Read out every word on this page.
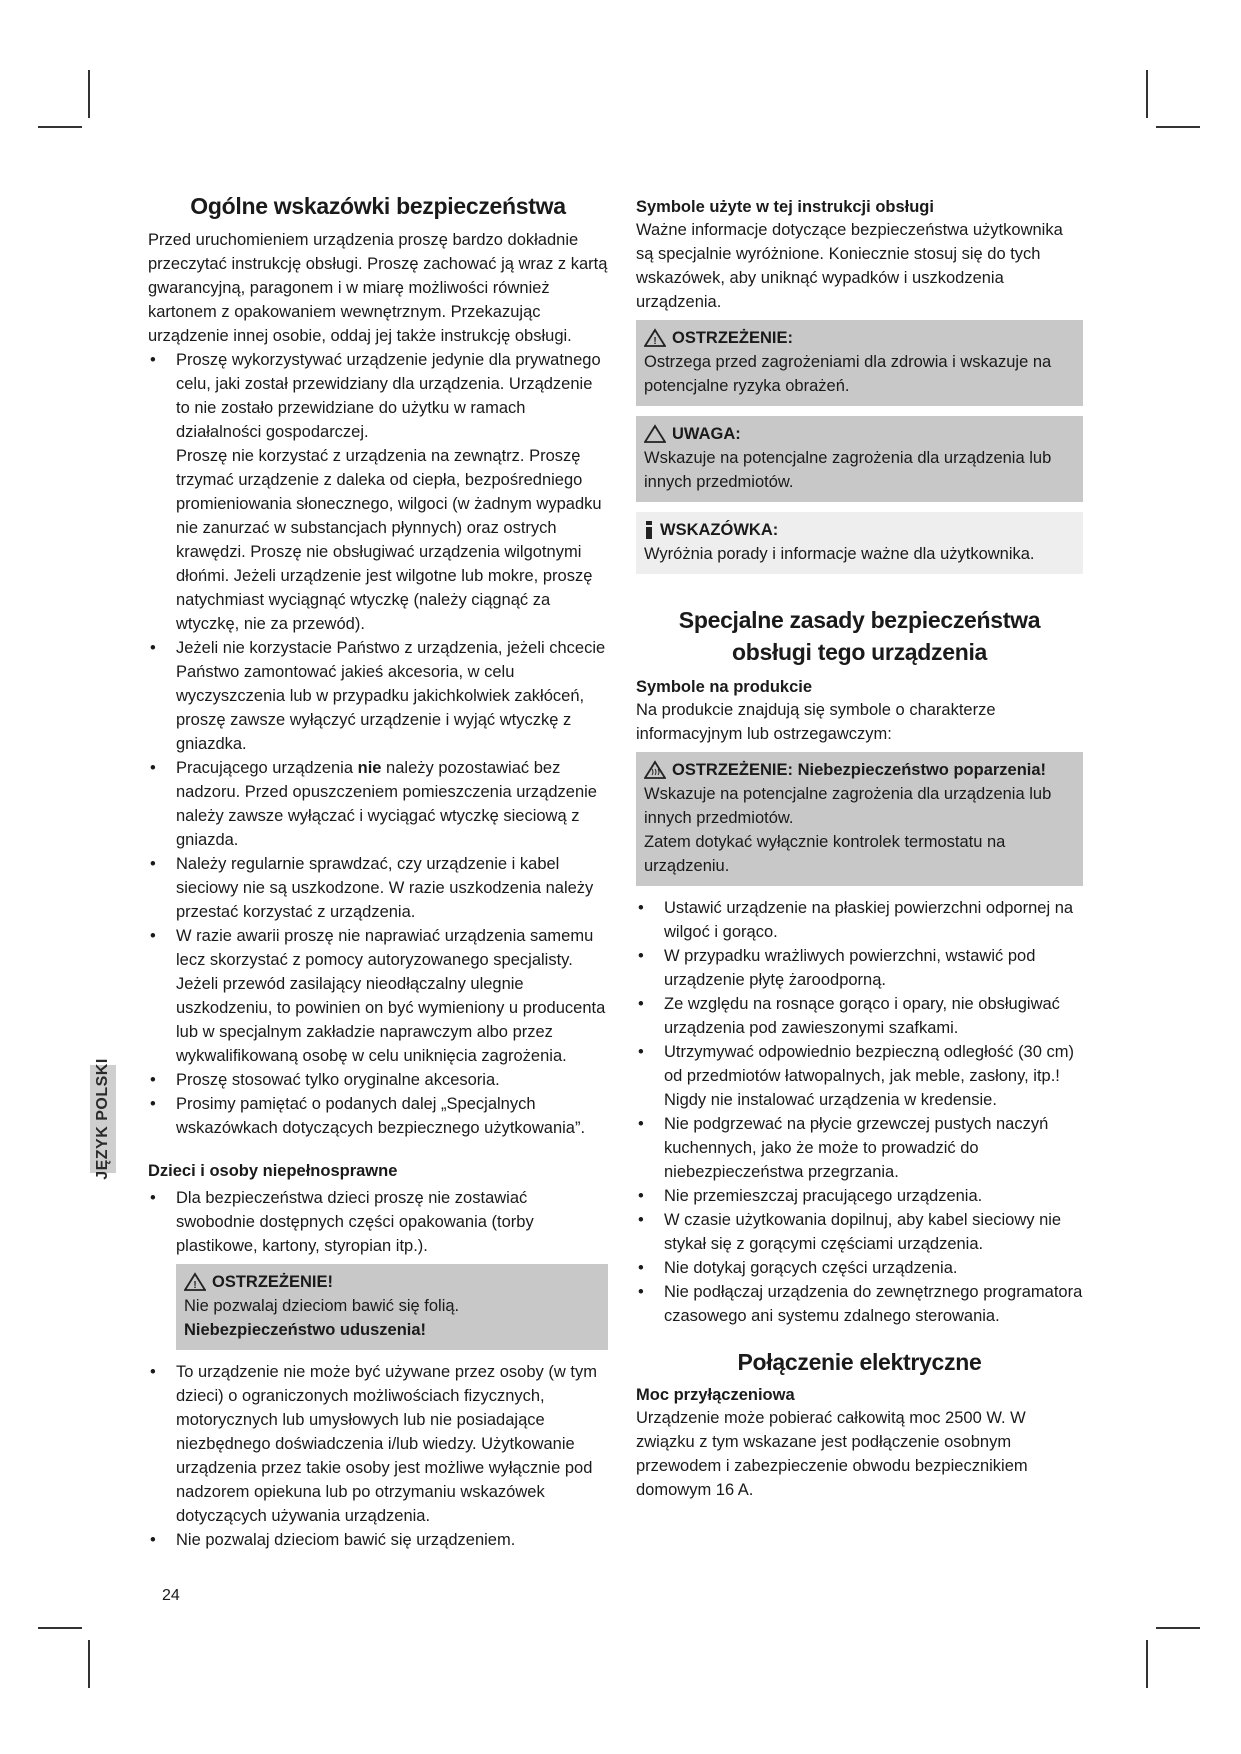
JĘZYK POLSKI
Ogólne wskazówki bezpieczeństwa

Przed uruchomieniem urządzenia proszę bardzo dokładnie przeczytać instrukcję obsługi. Proszę zachować ją wraz z kartą gwarancyjną, paragonem i w miarę możliwości również kartonem z opakowaniem wewnętrznym. Przekazując urządzenie innej osobie, oddaj jej także instrukcję obsługi.

• Proszę wykorzystywać urządzenie jedynie dla prywatnego celu, jaki został przewidziany dla urządzenia. Urządzenie to nie zostało przewidziane do użytku w ramach działalności gospodarczej.
Proszę nie korzystać z urządzenia na zewnątrz. Proszę trzymać urządzenie z daleka od ciepła, bezpośredniego promieniowania słonecznego, wilgoci (w żadnym wypadku nie zanurzać w substancjach płynnych) oraz ostrych krawędzi. Proszę nie obsługiwać urządzenia wilgotnymi dłońmi. Jeżeli urządzenie jest wilgotne lub mokre, proszę natychmiast wyciągnąć wtyczkę (należy ciągnąć za wtyczkę, nie za przewód).
• Jeżeli nie korzystacie Państwo z urządzenia, jeżeli chcecie Państwo zamontować jakieś akcesoria, w celu wyczyszczenia lub w przypadku jakichkolwiek zakłóceń, proszę zawsze wyłączyć urządzenie i wyjąć wtyczkę z gniazdka.
• Pracującego urządzenia nie należy pozostawiać bez nadzoru. Przed opuszczeniem pomieszczenia urządzenie należy zawsze wyłączać i wyciągać wtyczkę sieciową z gniazda.
• Należy regularnie sprawdzać, czy urządzenie i kabel sieciowy nie są uszkodzone. W razie uszkodzenia należy przestać korzystać z urządzenia.
• W razie awarii proszę nie naprawiać urządzenia samemu lecz skorzystać z pomocy autoryzowanego specjalisty. Jeżeli przewód zasilający nieodłączalny ulegnie uszkodzeniu, to powinien on być wymieniony u producenta lub w specjalnym zakładzie naprawczym albo przez wykwalifikowaną osobę w celu uniknięcia zagrożenia.
• Proszę stosować tylko oryginalne akcesoria.
• Prosimy pamiętać o podanych dalej „Specjalnych wskazówkach dotyczących bezpiecznego użytkowania”.
Dzieci i osoby niepełnosprawne
• Dla bezpieczeństwa dzieci proszę nie zostawiać swobodnie dostępnych części opakowania (torby plastikowe, kartony, styropian itp.).
! OSTRZEŻENIE!

Nie pozwalaj dzieciom bawić się folią. Niebezpieczeństwo uduszenia!

• To urządzenie nie może być używane przez osoby (w tym dzieci) o ograniczonych możliwościach fizycznych, motorycznych lub umysłowych lub nie posiadające niezbędnego doświadczenia i/lub wiedzy. Użytkowanie urządzenia przez takie osoby jest możliwe wyłącznie pod nadzorem opiekuna lub po otrzymaniu wskazówek dotyczących używania urządzenia.
• Nie pozwalaj dzieciom bawić się urządzeniem.
Symbole użyte w tej instrukcji obsługi

Ważne informacje dotyczące bezpieczeństwa użytkownika są specjalnie wyróżnione. Koniecznie stosuj się do tych wskazówek, aby uniknąć wypadków i uszkodzenia urządzenia.

! OSTRZEŻENIE:

Ostrzega przed zagrożeniami dla zdrowia i wskazuje na potencjalne ryzyka obrażeń.

UWAGA:

Wskazuje na potencjalne zagrożenia dla urządzenia lub innych przedmiotów.

WSKAZÓWKA:

Wyróżnia porady i informacje ważne dla użytkownika.

Specjalne zasady bezpieczeństwa
obsługi tego urządzenia
Symbole na produkcie

Na produkcie znajdują się symbole o charakterze informacyjnym lub ostrzegawczym:

OSTRZEŻENIE: Niebezpieczeństwo poparzenia!

Wskazuje na potencjalne zagrożenia dla urządzenia lub innych przedmiotów.

Zatem dotykać wyłącznie kontrolek termostatu na urządzeniu.

• Ustawić urządzenie na płaskiej powierzchni odpornej na wilgoć i gorąco.
• W przypadku wrażliwych powierzchni, wstawić pod urządzenie płytę żaroodporną.
• Ze względu na rosnące gorąco i opary, nie obsługiwać urządzenia pod zawieszonymi szafkami.
• Utrzymywać odpowiednio bezpieczną odległość (30 cm) od przedmiotów łatwopalnych, jak meble, zasłony, itp.! Nigdy nie instalować urządzenia w kredensie.
• Nie podgrzewać na płycie grzewczej pustych naczyń kuchennych, jako że może to prowadzić do niebezpieczeństwa przegrzania.
• Nie przemieszczaj pracującego urządzenia.
• W czasie użytkowania dopilnuj, aby kabel sieciowy nie stykał się z gorącymi częściami urządzenia.
• Nie dotykaj gorących części urządzenia.
• Nie podłączaj urządzenia do zewnętrznego programatora czasowego ani systemu zdalnego sterowania.
Połączenie elektryczne
Moc przyłączeniowa

Urządzenie może pobierać całkowitą moc 2500 W. W związku z tym wskazane jest podłączenie osobnym przewodem i zabezpieczenie obwodu bezpiecznikiem domowym 16 A.

24
